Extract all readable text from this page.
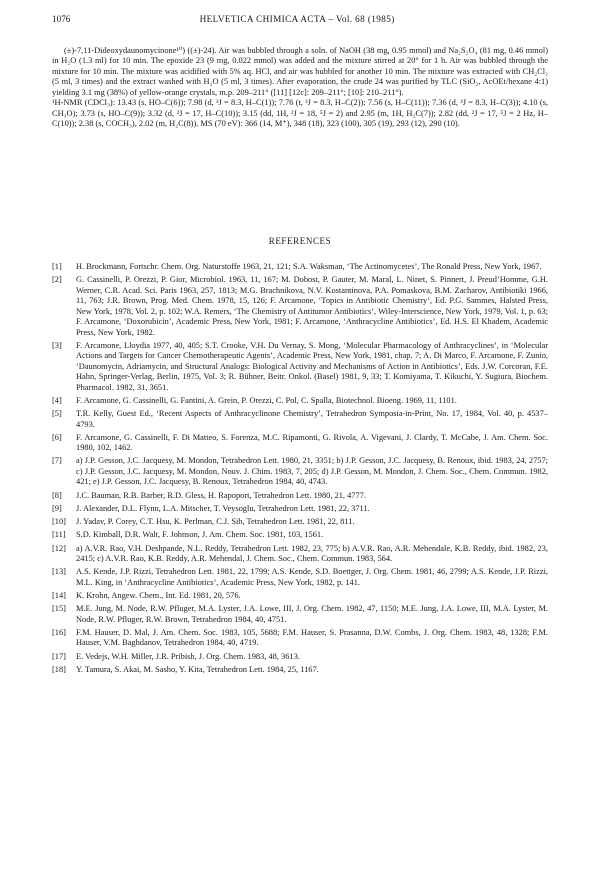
1076	HELVETICA CHIMICA ACTA – Vol. 68 (1985)

(±)-7,11-Dideoxydaunomycinone¹⁰) ((±)-24). Air was bubbled through a soln. of NaOH (38 mg, 0.95 mmol) and Na₂S₂O₄ (81 mg, 0.46 mmol) in H₂O (1.3 ml) for 10 min. The epoxide 23 (9 mg, 0.022 mmol) was added and the mixture stirred at 20° for 1 h. Air was bubbled through the mixture for 10 min. The mixture was acidified with 5% aq. HCl, and air was bubbled for another 10 min. The mixture was extracted with CH₂Cl₂ (5 ml, 3 times) and the extract washed with H₂O (5 ml, 3 times). After evaporation, the crude 24 was purified by TLC (SiO₂, AcOEt/hexane 4:1) yielding 3.1 mg (38%) of yellow-orange crystals, m.p. 209–211° ([11] [12c]: 209–211°; [10]: 210–211°).

¹H-NMR (CDCl₃): 13.43 (s, HO–C(6)); 7.98 (d, ³J = 8.3, H–C(1)); 7.76 (t, ³J = 8.3, H–C(2)); 7.56 (s, H–C(11)); 7.36 (d, ³J = 8.3, H–C(3)); 4.10 (s, CH₃O); 3.73 (s, HO–C(9)); 3.32 (d, ²J = 17, H–C(10)); 3.15 (dd, 1H, ²J = 18, ⁵J = 2) and 2.95 (m, 1H, H₂C(7)); 2.82 (dd, ²J = 17, ⁵J = 2 Hz, H–C(10)); 2.38 (s, COCH₃), 2.02 (m, H₂C(8)). MS (70 eV): 366 (14, M⁺), 348 (18), 323 (100), 305 (19), 293 (12), 290 (10).

REFERENCES
[1]	H. Brockmann, Fortschr. Chem. Org. Naturstoffe 1963, 21, 121; S.A. Waksman, ‘The Actinomycetes’, The Ronald Press, New York, 1967.
[2]	G. Cassinelli, P. Orezzi, P. Gior, Microbiol. 1963, 11, 167; M. Dobost, P. Gauter, M. Maral, L. Ninet, S. Pinnert, J. Preud’Homme, G.H. Werner, C.R. Acad. Sci. Paris 1963, 257, 1813; M.G. Brachnikova, N.V. Kostantinova, P.A. Pomaskova, B.M. Zacharov, Antibiotiki 1966, 11, 763; J.R. Brown, Prog. Med. Chem. 1978, 15, 126; F. Arcamone, ‘Topics in Antibiotic Chemistry’, Ed. P.G. Sammes, Halsted Press, New York, 1978, Vol. 2, p. 102; W.A. Remers, ‘The Chemistry of Antitumor Antibiotics’, Wiley-Interscience, New York, 1979, Vol. 1, p. 63; F. Arcamone, ‘Doxorubicin’, Academic Press, New York, 1981; F. Arcamone, ‘Anthracycline Antibiotics’, Ed. H.S. El Khadem, Academic Press, New York, 1982.
[3]	F. Arcamone, Lloydia 1977, 40, 405; S.T. Crooke, V.H. Du Vernay, S. Mong, ‘Molecular Pharmacology of Anthracyclines’, in ‘Molecular Actions and Targets for Cancer Chemotherapeutic Agents’, Academic Press, New York, 1981, chap. 7; A. Di Marco, F. Arcamone, F. Zunio, ‘Daunomycin, Adriamycin, and Structural Analogs: Biological Activity and Mechanisms of Action in Antibiotics’, Eds. J.W. Corcoran, F.E. Hahn, Springer-Verlag, Berlin, 1975, Vol. 3; R. Bühner, Beitr. Onkol. (Basel) 1981, 9, 33; T. Komiyama, T. Kikuchi, Y. Sugiura, Biochem. Pharmacol. 1982, 31, 3651.
[4]	F. Arcamone, G. Cassinelli, G. Fantini, A. Grein, P. Orezzi, C. Pol, C. Spalla, Biotechnol. Bioeng. 1969, 11, 1101.
[5]	T.R. Kelly, Guest Ed., ‘Recent Aspects of Anthracyclinone Chemistry’, Tetrahedron Symposia-in-Print, No. 17, 1984, Vol. 40, p. 4537–4793.
[6]	F. Arcamone, G. Cassinelli, F. Di Matteo, S. Forenza, M.C. Ripamonti, G. Rivola, A. Vigevani, J. Clardy, T. McCabe, J. Am. Chem. Soc. 1980, 102, 1462.
[7]	a) J.P. Gesson, J.C. Jacquesy, M. Mondon, Tetrahedron Lett. 1980, 21, 3351; b) J.P. Gesson, J.C. Jacquesy, B. Renoux, ibid. 1983, 24, 2757; c) J.P. Gesson, J.C. Jacquesy, M. Mondon, Nouv. J. Chim. 1983, 7, 205; d) J.P. Gesson, M. Mondon, J. Chem. Soc., Chem. Commun. 1982, 421; e) J.P. Gesson, J.C. Jacquesy, B. Renoux, Tetrahedron 1984, 40, 4743.
[8]	J.C. Bauman, R.B. Barber, R.D. Gless, H. Rapoport, Tetrahedron Lett. 1980, 21, 4777.
[9]	J. Alexander, D.L. Flynn, L.A. Mitscher, T. Veysoglu, Tetrahedron Lett. 1981, 22, 3711.
[10]	J. Yadav, P. Corey, C.T. Hsu, K. Perlman, C.J. Sih, Tetrahedron Lett. 1981, 22, 811.
[11]	S.D. Kimball, D.R. Walt, F. Johnson, J. Am. Chem. Soc. 1981, 103, 1561.
[12]	a) A.V.R. Rao, V.H. Deshpande, N.L. Reddy, Tetrahedron Lett. 1982, 23, 775; b) A.V.R. Rao, A.R. Mehendale, K.B. Reddy, ibid. 1982, 23, 2415; c) A.V.R. Rao, K.B. Reddy, A.R. Mehendal, J. Chem. Soc., Chem. Commun. 1983, 564.
[13]	A.S. Kende, J.P. Rizzi, Tetrahedron Lett. 1981, 22, 1799; A.S. Kende, S.D. Boettger, J. Org. Chem. 1981, 46, 2799; A.S. Kende, J.P. Rizzi, M.L. King, in ‘Anthracycline Antibiotics’, Academic Press, New York, 1982, p. 141.
[14]	K. Krohn, Angew. Chem., Int. Ed. 1981, 20, 576.
[15]	M.E. Jung, M. Node, R.W. Pfluger, M.A. Lyster, J.A. Lowe, III, J. Org. Chem. 1982, 47, 1150; M.E. Jung, J.A. Lowe, III, M.A. Lyster, M. Node, R.W. Pfluger, R.W. Brown, Tetrahedron 1984, 40, 4751.
[16]	F.M. Hauser, D. Mal, J. Am. Chem. Soc. 1983, 105, 5688; F.M. Hauser, S. Prasanna, D.W. Combs, J. Org. Chem. 1983, 48, 1328; F.M. Hauser, V.M. Baghdanov, Tetrahedron 1984, 40, 4719.
[17]	E. Vedejs, W.H. Miller, J.R. Pribish, J. Org. Chem. 1983, 48, 3613.
[18]	Y. Tamura, S. Akai, M. Sasho, Y. Kita, Tetrahedron Lett. 1984, 25, 1167.
